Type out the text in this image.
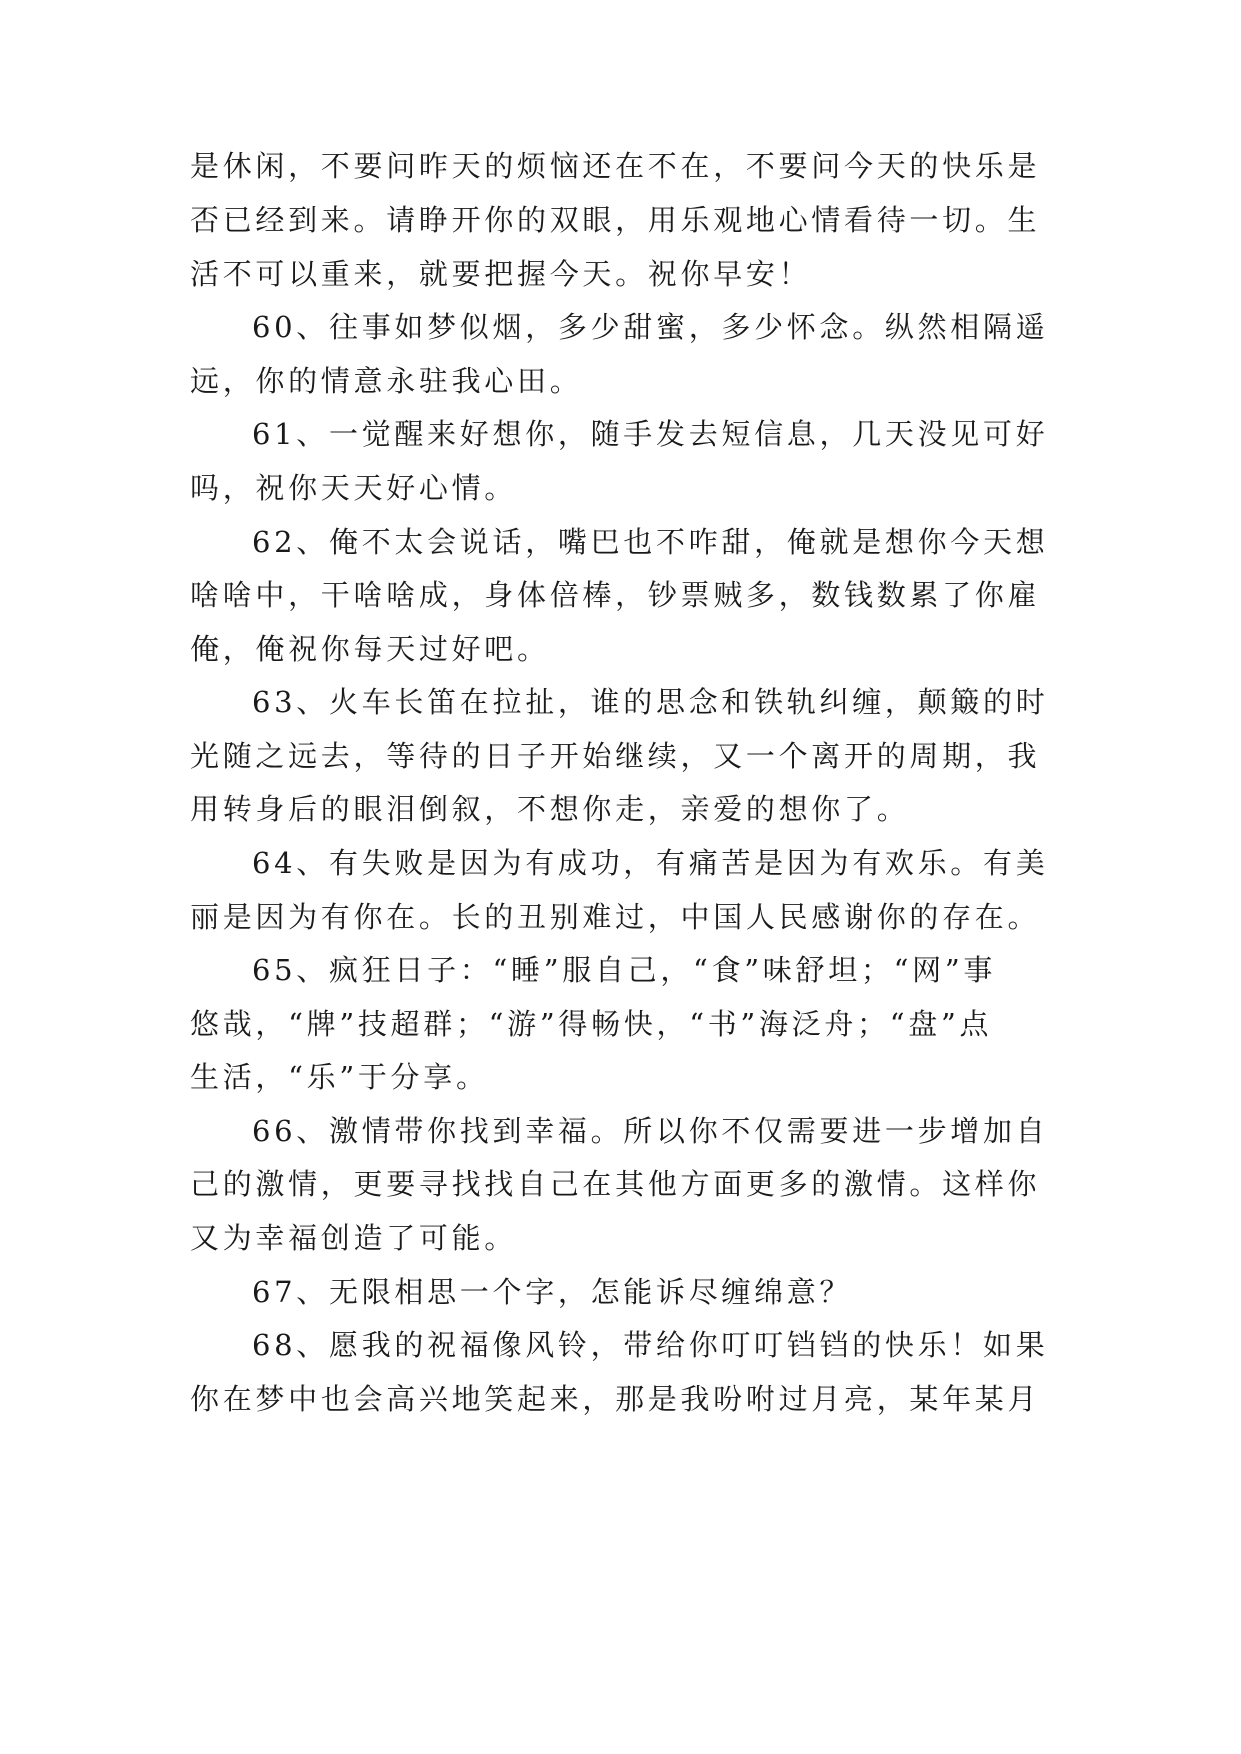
是休闲，不要问昨天的烦恼还在不在，不要问今天的快乐是
否已经到来。请睁开你的双眼，用乐观地心情看待一切。生
活不可以重来，就要把握今天。祝你早安！
60、往事如梦似烟，多少甜蜜，多少怀念。纵然相隔遥
远，你的情意永驻我心田。
61、一觉醒来好想你，随手发去短信息，几天没见可好
吗，祝你天天好心情。
62、俺不太会说话，嘴巴也不咋甜，俺就是想你今天想
啥啥中，干啥啥成，身体倍棒，钞票贼多，数钱数累了你雇
俺，俺祝你每天过好吧。
63、火车长笛在拉扯，谁的思念和铁轨纠缠，颠簸的时
光随之远去，等待的日子开始继续，又一个离开的周期，我
用转身后的眼泪倒叙，不想你走，亲爱的想你了。
64、有失败是因为有成功，有痛苦是因为有欢乐。有美
丽是因为有你在。长的丑别难过，中国人民感谢你的存在。
65、疯狂日子：“睡”服自己，“食”味舒坦；“网”事
悠哉，“牌”技超群；“游”得畅快，“书”海泛舟；“盘”点
生活，“乐”于分享。
66、激情带你找到幸福。所以你不仅需要进一步增加自
己的激情，更要寻找找自己在其他方面更多的激情。这样你
又为幸福创造了可能。
67、无限相思一个字，怎能诉尽缠绵意？
68、愿我的祝福像风铃，带给你叮叮铛铛的快乐！如果
你在梦中也会高兴地笑起来，那是我吩咐过月亮，某年某月
